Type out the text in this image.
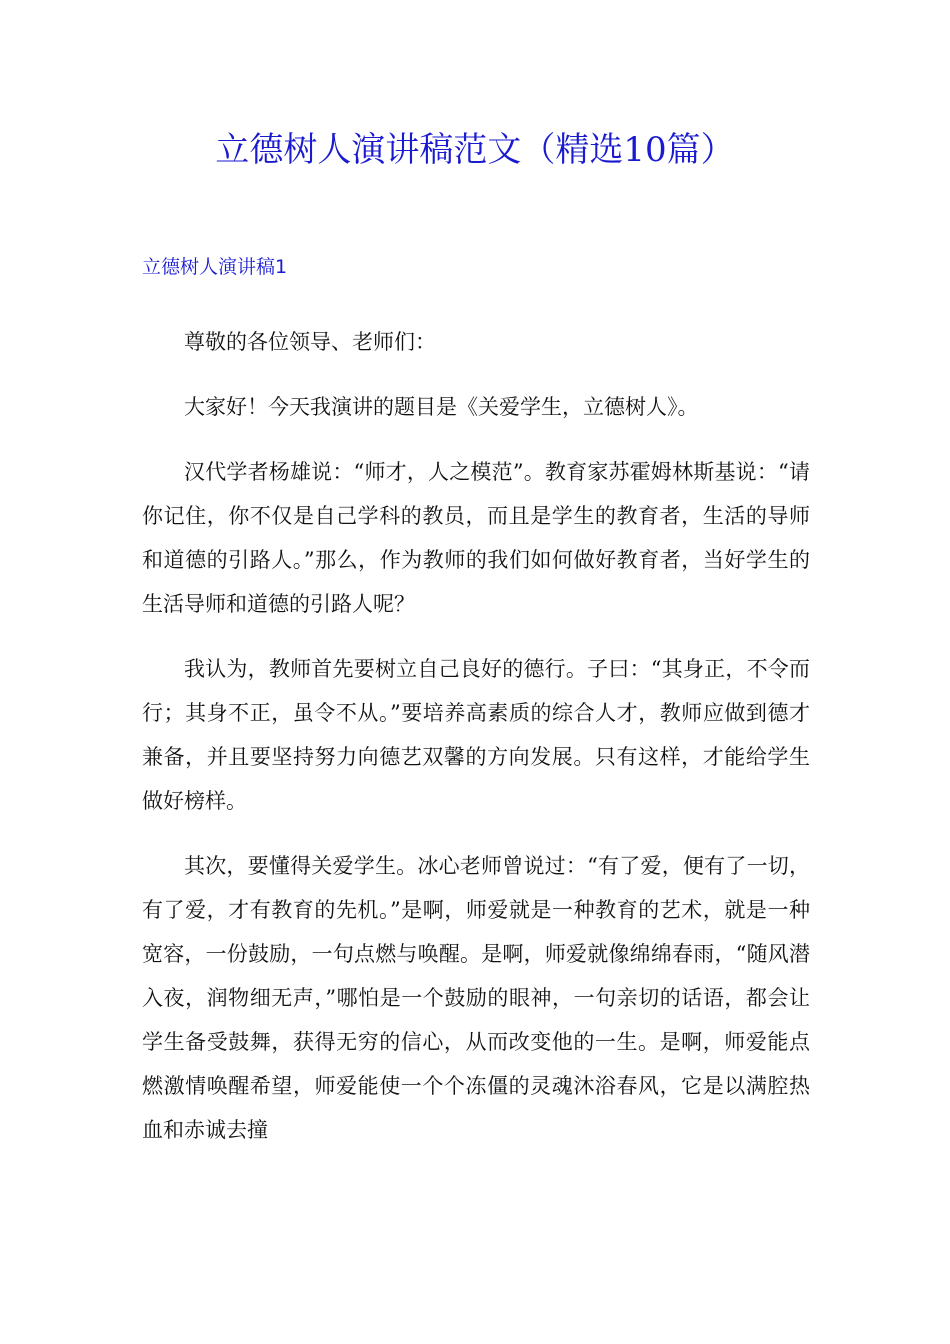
立德树人演讲稿范文（精选10篇）
立德树人演讲稿1

尊敬的各位领导、老师们：

大家好！今天我演讲的题目是《关爱学生，立德树人》。

汉代学者杨雄说：“师才，人之模范”。教育家苏霍姆林斯基说：“请你记住，你不仅是自己学科的教员，而且是学生的教育者，生活的导师和道德的引路人。”那么，作为教师的我们如何做好教育者，当好学生的生活导师和道德的引路人呢？

我认为，教师首先要树立自己良好的德行。子曰：“其身正，不令而行；其身不正，虽令不从。”要培养高素质的综合人才，教师应做到德才兼备，并且要坚持努力向德艺双馨的方向发展。只有这样，才能给学生做好榜样。

其次，要懂得关爱学生。冰心老师曾说过：“有了爱，便有了一切，有了爱，才有教育的先机。”是啊，师爱就是一种教育的艺术，就是一种宽容，一份鼓励，一句点燃与唤醒。是啊，师爱就像绵绵春雨，“随风潜入夜，润物细无声，”哪怕是一个鼓励的眼神，一句亲切的话语，都会让学生备受鼓舞，获得无穷的信心，从而改变他的一生。是啊，师爱能点燃激情唤醒希望，师爱能使一个个冻僵的灵魂沐浴春风，它是以满腔热血和赤诚去撞
